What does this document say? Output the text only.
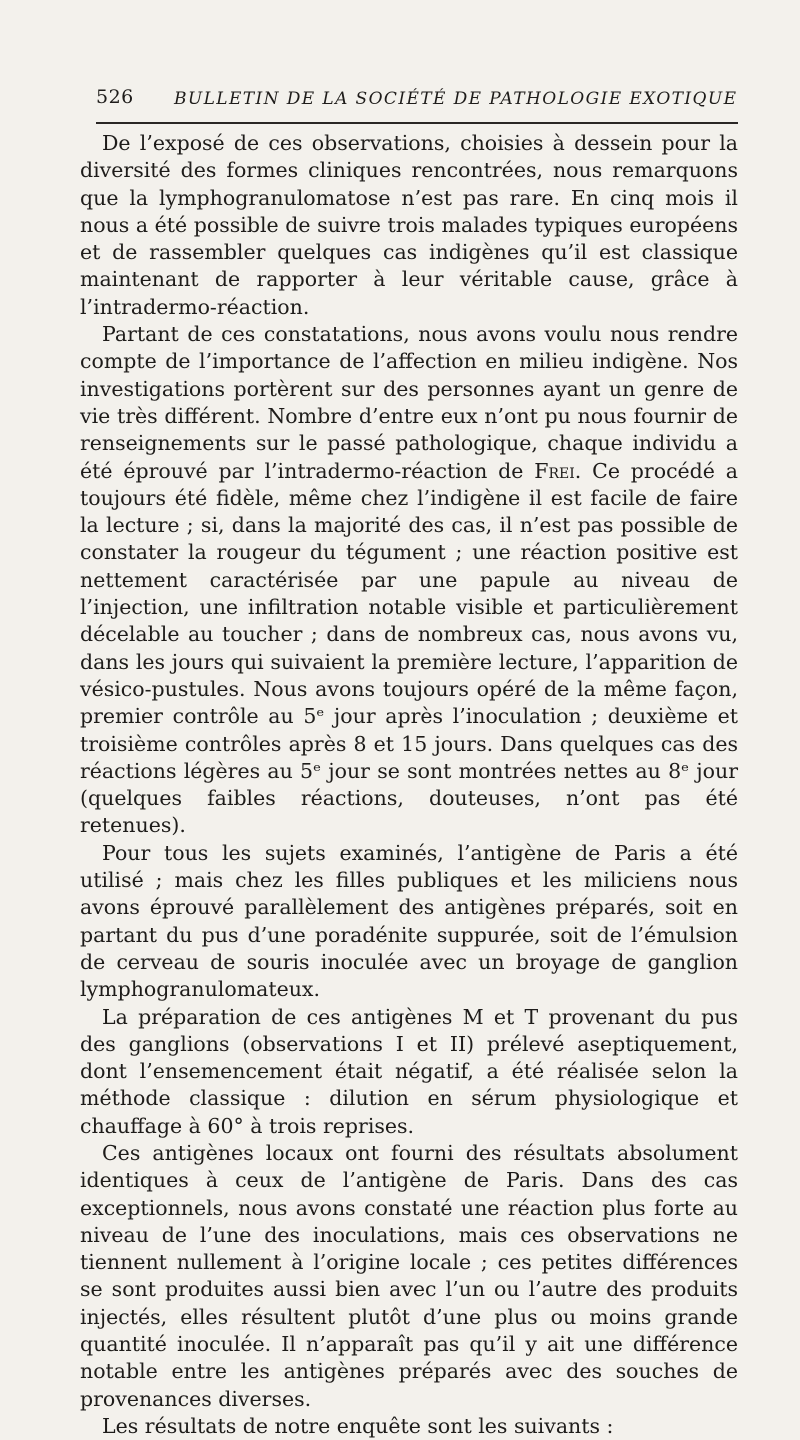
526 BULLETIN DE LA SOCIÉTÉ DE PATHOLOGIE EXOTIQUE

De l’exposé de ces observations, choisies à dessein pour la diversité des formes cliniques rencontrées, nous remarquons que la lymphogranulomatose n’est pas rare. En cinq mois il nous a été possible de suivre trois malades typiques européens et de rassembler quelques cas indigènes qu’il est classique maintenant de rapporter à leur véritable cause, grâce à l’intradermo-réaction.

Partant de ces constatations, nous avons voulu nous rendre compte de l’importance de l’affection en milieu indigène. Nos investigations portèrent sur des personnes ayant un genre de vie très différent. Nombre d’entre eux n’ont pu nous fournir de renseignements sur le passé pathologique, chaque individu a été éprouvé par l’intradermo-réaction de Frei. Ce procédé a toujours été fidèle, même chez l’indigène il est facile de faire la lecture ; si, dans la majorité des cas, il n’est pas possible de constater la rougeur du tégument ; une réaction positive est nettement caractérisée par une papule au niveau de l’injection, une infiltration notable visible et particulièrement décelable au toucher ; dans de nombreux cas, nous avons vu, dans les jours qui suivaient la première lecture, l’apparition de vésico-pustules. Nous avons toujours opéré de la même façon, premier contrôle au 5ᵉ jour après l’inoculation ; deuxième et troisième contrôles après 8 et 15 jours. Dans quelques cas des réactions légères au 5ᵉ jour se sont montrées nettes au 8ᵉ jour (quelques faibles réactions, douteuses, n’ont pas été retenues).

Pour tous les sujets examinés, l’antigène de Paris a été utilisé ; mais chez les filles publiques et les miliciens nous avons éprouvé parallèlement des antigènes préparés, soit en partant du pus d’une poradénite suppurée, soit de l’émulsion de cerveau de souris inoculée avec un broyage de ganglion lymphogranulomateux.

La préparation de ces antigènes M et T provenant du pus des ganglions (observations I et II) prélevé aseptiquement, dont l’ensemencement était négatif, a été réalisée selon la méthode classique : dilution en sérum physiologique et chauffage à 60° à trois reprises.

Ces antigènes locaux ont fourni des résultats absolument identiques à ceux de l’antigène de Paris. Dans des cas exceptionnels, nous avons constaté une réaction plus forte au niveau de l’une des inoculations, mais ces observations ne tiennent nullement à l’origine locale ; ces petites différences se sont produites aussi bien avec l’un ou l’autre des produits injectés, elles résultent plutôt d’une plus ou moins grande quantité inoculée. Il n’apparaît pas qu’il y ait une différence notable entre les antigènes préparés avec des souches de provenances diverses.

Les résultats de notre enquête sont les suivants :
